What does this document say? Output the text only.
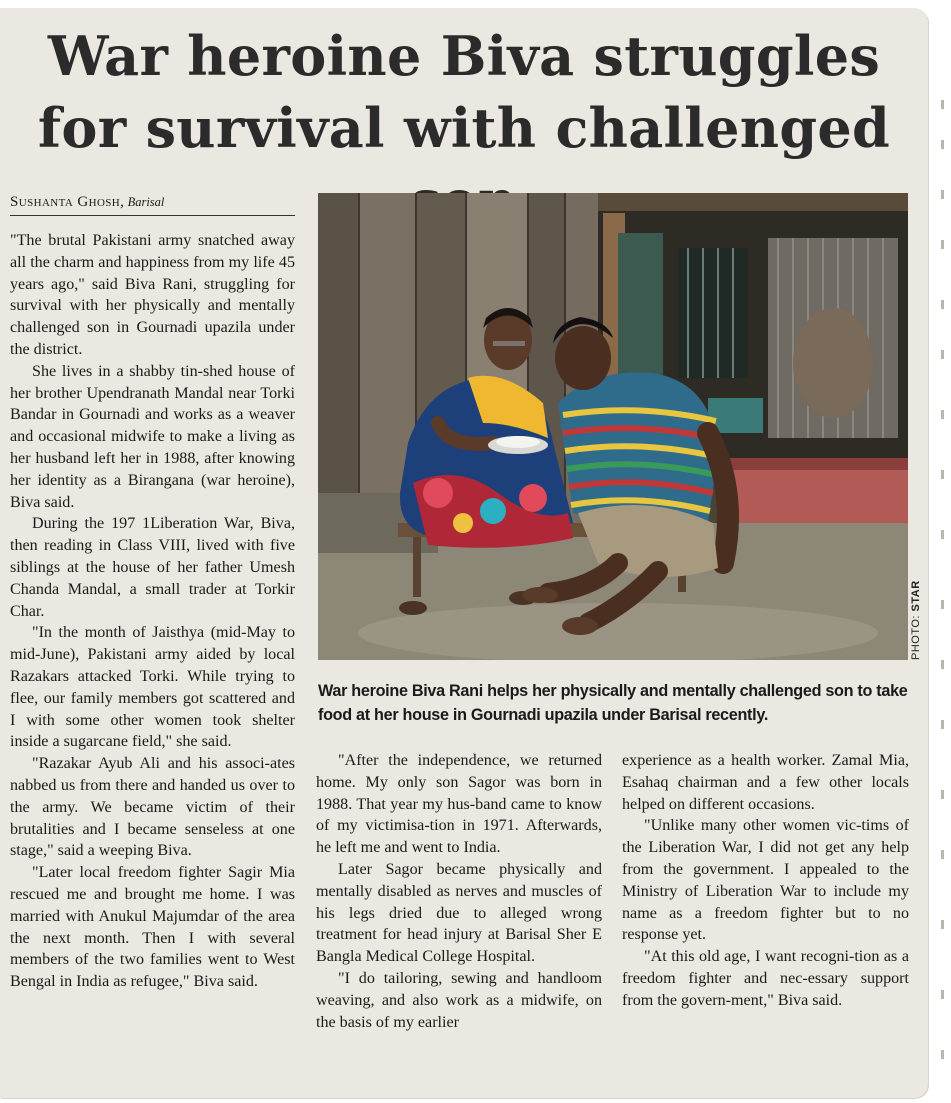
War heroine Biva struggles for survival with challenged
Sushanta Ghosh, Barisal

"The brutal Pakistani army snatched away all the charm and happiness from my life 45 years ago," said Biva Rani, struggling for survival with her physically and mentally challenged son in Gournadi upazila under the district.

She lives in a shabby tin-shed house of her brother Upendranath Mandal near Torki Bandar in Gournadi and works as a weaver and occasional midwife to make a living as her husband left her in 1988, after knowing her identity as a Birangana (war heroine), Biva said.

During the 197 1Liberation War, Biva, then reading in Class VIII, lived with five siblings at the house of her father Umesh Chanda Mandal, a small trader at Torkir Char.

"In the month of Jaisthya (mid-May to mid-June), Pakistani army aided by local Razakars attacked Torki. While trying to flee, our family members got scattered and I with some other women took shelter inside a sugarcane field," she said.

"Razakar Ayub Ali and his associ-ates nabbed us from there and handed us over to the army. We became victim of their brutalities and I became senseless at one stage," said a weeping Biva.

"Later local freedom fighter Sagir Mia rescued me and brought me home. I was married with Anukul Majumdar of the area the next month. Then I with several members of the two families went to West Bengal in India as refugee," Biva said.

PHOTO: STAR

War heroine Biva Rani helps her physically and mentally challenged son to take food at her house in Gournadi upazila under Barisal recently.

"After the independence, we returned home. My only son Sagor was born in 1988. That year my hus-band came to know of my victimisa-tion in 1971. Afterwards, he left me and went to India.

Later Sagor became physically and mentally disabled as nerves and muscles of his legs dried due to alleged wrong treatment for head injury at Barisal Sher E Bangla Medical College Hospital.

"I do tailoring, sewing and handloom weaving, and also work as a midwife, on the basis of my earlier

experience as a health worker. Zamal Mia, Esahaq chairman and a few other locals helped on different occasions.

"Unlike many other women vic-tims of the Liberation War, I did not get any help from the government. I appealed to the Ministry of Liberation War to include my name as a freedom fighter but to no response yet.

"At this old age, I want recogni-tion as a freedom fighter and nec-essary support from the govern-ment," Biva said.
